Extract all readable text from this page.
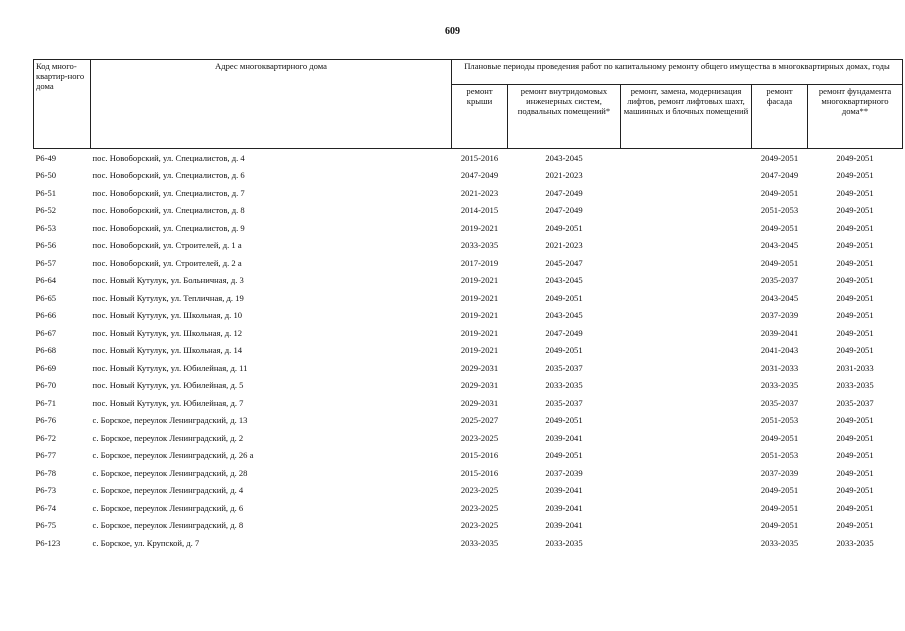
609
Код много-квартир-ного дома	Адрес многоквартирного дома	Плановые периоды проведения работ по капитальному ремонту общего имущества в многоквартирных домах, годы				
		ремонт крыши	ремонт внутридомовых инженерных систем, подвальных помещений*	ремонт, замена, модернизация лифтов, ремонт лифтовых шахт, машинных и блочных помещений	ремонт фасада	ремонт фундамента многоквартирного дома**
Р6-49	пос. Новоборский, ул. Специалистов, д. 4	2015-2016	2043-2045		2049-2051	2049-2051
Р6-50	пос. Новоборский, ул. Специалистов, д. 6	2047-2049	2021-2023		2047-2049	2049-2051
Р6-51	пос. Новоборский, ул. Специалистов, д. 7	2021-2023	2047-2049		2049-2051	2049-2051
Р6-52	пос. Новоборский, ул. Специалистов, д. 8	2014-2015	2047-2049		2051-2053	2049-2051
Р6-53	пос. Новоборский, ул. Специалистов, д. 9	2019-2021	2049-2051		2049-2051	2049-2051
Р6-56	пос. Новоборский, ул. Строителей, д. 1 а	2033-2035	2021-2023		2043-2045	2049-2051
Р6-57	пос. Новоборский, ул. Строителей, д. 2 а	2017-2019	2045-2047		2049-2051	2049-2051
Р6-64	пос. Новый Кутулук, ул. Больничная, д. 3	2019-2021	2043-2045		2035-2037	2049-2051
Р6-65	пос. Новый Кутулук, ул. Тепличная, д. 19	2019-2021	2049-2051		2043-2045	2049-2051
Р6-66	пос. Новый Кутулук, ул. Школьная, д. 10	2019-2021	2043-2045		2037-2039	2049-2051
Р6-67	пос. Новый Кутулук, ул. Школьная, д. 12	2019-2021	2047-2049		2039-2041	2049-2051
Р6-68	пос. Новый Кутулук, ул. Школьная, д. 14	2019-2021	2049-2051		2041-2043	2049-2051
Р6-69	пос. Новый Кутулук, ул. Юбилейная, д. 11	2029-2031	2035-2037		2031-2033	2031-2033
Р6-70	пос. Новый Кутулук, ул. Юбилейная, д. 5	2029-2031	2033-2035		2033-2035	2033-2035
Р6-71	пос. Новый Кутулук, ул. Юбилейная, д. 7	2029-2031	2035-2037		2035-2037	2035-2037
Р6-76	с. Борское, переулок Ленинградский, д. 13	2025-2027	2049-2051		2051-2053	2049-2051
Р6-72	с. Борское, переулок Ленинградский, д. 2	2023-2025	2039-2041		2049-2051	2049-2051
Р6-77	с. Борское, переулок Ленинградский, д. 26 а	2015-2016	2049-2051		2051-2053	2049-2051
Р6-78	с. Борское, переулок Ленинградский, д. 28	2015-2016	2037-2039		2037-2039	2049-2051
Р6-73	с. Борское, переулок Ленинградский, д. 4	2023-2025	2039-2041		2049-2051	2049-2051
Р6-74	с. Борское, переулок Ленинградский, д. 6	2023-2025	2039-2041		2049-2051	2049-2051
Р6-75	с. Борское, переулок Ленинградский, д. 8	2023-2025	2039-2041		2049-2051	2049-2051
Р6-123	с. Борское, ул. Крупской, д. 7	2033-2035	2033-2035		2033-2035	2033-2035
